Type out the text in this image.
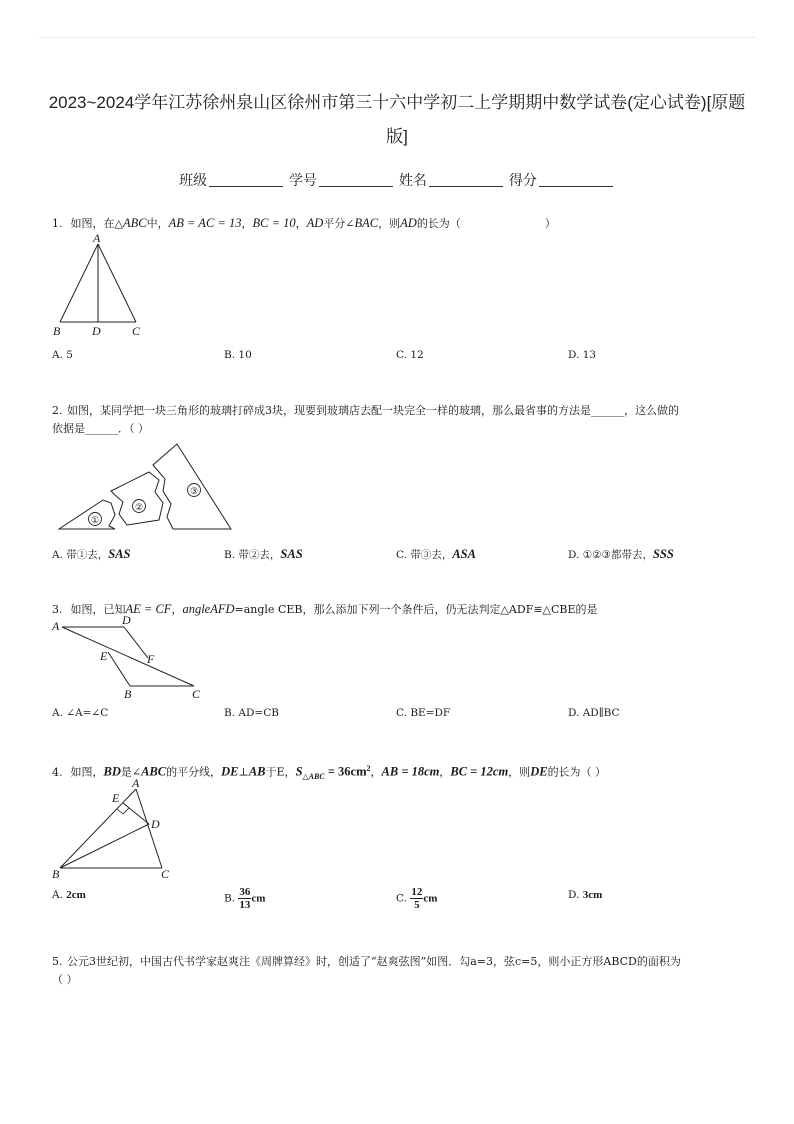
2023~2024学年江苏徐州泉山区徐州市第三十六中学初二上学期期中数学试卷(定心试卷)[原题
版]
班级	学号	姓名	得分
1. 如图，在△ABC中，AB = AC = 13，BC = 10，AD平分∠BAC，则AD的长为（	）
A
B	D	C
A. 5	B. 10	C. 12	D. 13
2. 如图，某同学把一块三角形的玻璃打碎成3块，现要到玻璃店去配一块完全一样的玻璃，那么最省事的方法是______，这么做的
依据是______．（ ）
①
②
③
A. 带①去，SAS	B. 带②去，SAS	C. 带③去，ASA	D. ①②③都带去，SSS
3. 如图，已知AE = CF，angleAFD=angle CEB，那么添加下列一个条件后，仍无法判定△ADF≌△CBE的是
A	D
E	F
B	C
A. ∠A=∠C	B. AD=CB	C. BE=DF	D. AD∥BC
4. 如图，BD是∠ABC的平分线，DE⊥AB于E，$S_{\triangle ABC} = 36cm^2$，AB = 18cm，BC = 12cm，则DE的长为（ ）
A
E
D
B	C
A. 2cm	B. $\frac{36}{13}$ cm	C. $\frac{12}{5}$ cm	D. 3cm
5. 公元3世纪初，中国古代书学家赵爽注《周牌算经》时，创适了“赵爽弦图”如图．勾a=3，弦c=5，则小正方形ABCD的面积为
（ ）
